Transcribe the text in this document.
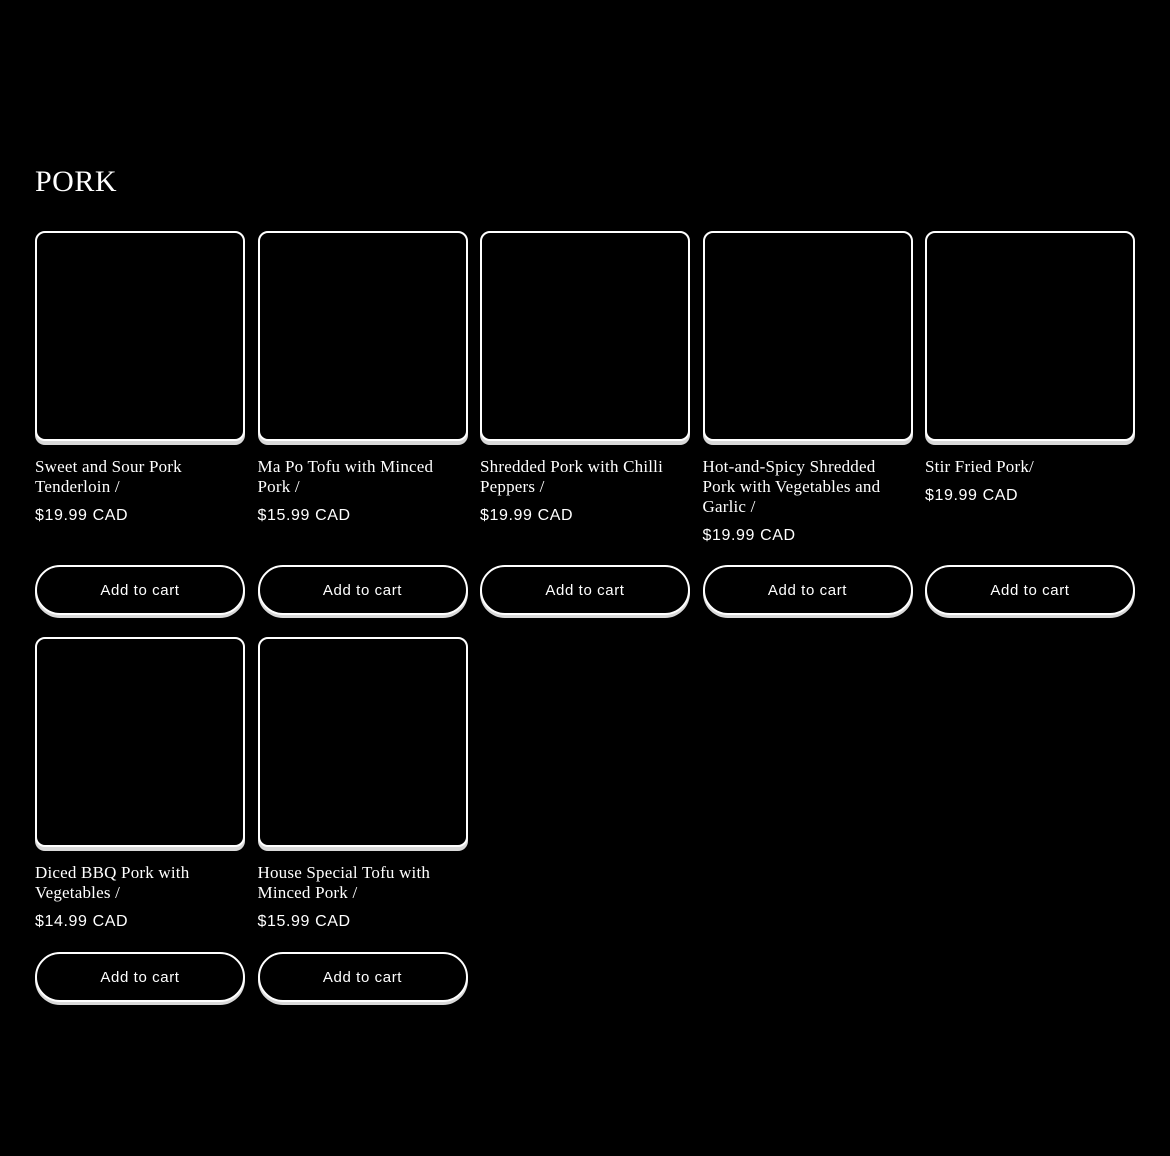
PORK
Sweet and Sour Pork Tenderloin /
$19.99 CAD
Add to cart
Ma Po Tofu with Minced Pork /
$15.99 CAD
Add to cart
Shredded Pork with Chilli Peppers /
$19.99 CAD
Add to cart
Hot-and-Spicy Shredded Pork with Vegetables and Garlic /
$19.99 CAD
Add to cart
Stir Fried Pork/
$19.99 CAD
Add to cart
Diced BBQ Pork with Vegetables /
$14.99 CAD
Add to cart
House Special Tofu with Minced Pork /
$15.99 CAD
Add to cart
